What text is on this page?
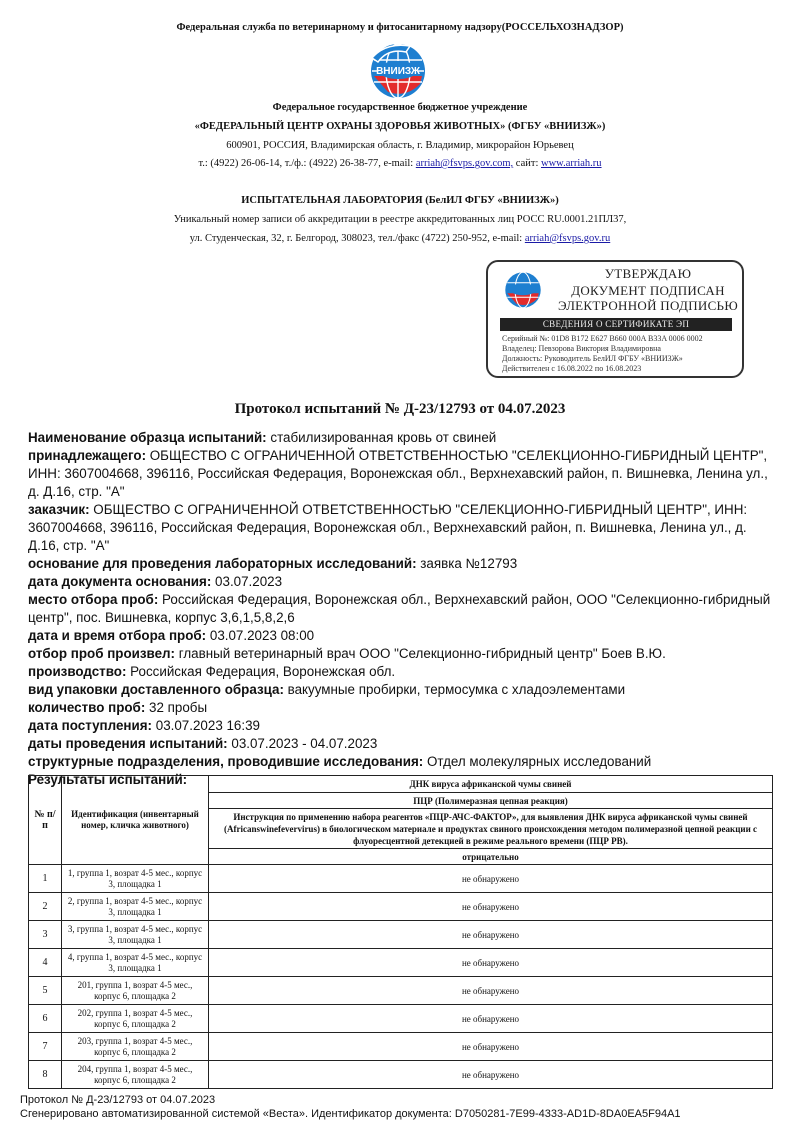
Федеральная служба по ветеринарному и фитосанитарному надзору(РОССЕЛЬХОЗНАДЗОР)
ВНИИЗЖ
Федеральное государственное бюджетное учреждение
«ФЕДЕРАЛЬНЫЙ ЦЕНТР ОХРАНЫ ЗДОРОВЬЯ ЖИВОТНЫХ» (ФГБУ «ВНИИЗЖ»)
600901, РОССИЯ, Владимирская область, г. Владимир, микрорайон Юрьевец
т.: (4922) 26-06-14, т./ф.: (4922) 26-38-77, e-mail: arriah@fsvps.gov.com, сайт: www.arriah.ru
ИСПЫТАТЕЛЬНАЯ ЛАБОРАТОРИЯ (БелИЛ ФГБУ «ВНИИЗЖ»)
Уникальный номер записи об аккредитации в реестре аккредитованных лиц РОСС RU.0001.21ПЛ37,
ул. Студенческая, 32, г. Белгород, 308023, тел./факс (4722) 250-952, e-mail: arriah@fsvps.gov.ru
УТВЕРЖДАЮ
ДОКУМЕНТ ПОДПИСАН
ЭЛЕКТРОННОЙ ПОДПИСЬЮ
СВЕДЕНИЯ О СЕРТИФИКАТЕ ЭП
Серийный №: 01D8 B172 E627 B660 000A B33A 0006 0002
Владелец: Певзорова Виктория Владимировна
Должность: Руководитель БелИЛ ФГБУ «ВНИИЗЖ»
Действителен с 16.08.2022 по 16.08.2023
Протокол испытаний № Д-23/12793 от 04.07.2023

Наименование образца испытаний: стабилизированная кровь от свиней

принадлежащего: ОБЩЕСТВО С ОГРАНИЧЕННОЙ ОТВЕТСТВЕННОСТЬЮ "СЕЛЕКЦИОННО-ГИБРИДНЫЙ ЦЕНТР", ИНН: 3607004668, 396116, Российская Федерация, Воронежская обл., Верхнехавский район, п. Вишневка, Ленина ул., д. Д.16, стр. "А"

заказчик: ОБЩЕСТВО С ОГРАНИЧЕННОЙ ОТВЕТСТВЕННОСТЬЮ "СЕЛЕКЦИОННО-ГИБРИДНЫЙ ЦЕНТР", ИНН: 3607004668, 396116, Российская Федерация, Воронежская обл., Верхнехавский район, п. Вишневка, Ленина ул., д. Д.16, стр. "А"

основание для проведения лабораторных исследований: заявка №12793

дата документа основания: 03.07.2023

место отбора проб: Российская Федерация, Воронежская обл., Верхнехавский район, ООО "Селекционно-гибридный центр", пос. Вишневка, корпус 3,6,1,5,8,2,6

дата и время отбора проб: 03.07.2023 08:00

отбор проб произвел: главный ветеринарный врач ООО "Селекционно-гибридный центр" Боев В.Ю.

производство: Российская Федерация, Воронежская обл.

вид упаковки доставленного образца: вакуумные пробирки, термосумка с хладоэлементами

количество проб: 32 пробы

дата поступления: 03.07.2023 16:39

даты проведения испытаний: 03.07.2023 - 04.07.2023

структурные подразделения, проводившие исследования: Отдел молекулярных исследований

Результаты испытаний:

№ п/п	Идентификация (инвентарный номер, кличка животного)	ДНК вируса африканской чумы свиней
		ПЦР (Полимеразная цепная реакция)
		Инструкция по применению набора реагентов «ПЦР-АЧС-ФАКТОР», для выявления ДНК вируса африканской чумы свиней (Africanswinefevervirus) в биологическом материале и продуктах свиного происхождения методом полимеразной цепной реакции с флуоресцентной детекцией в режиме реального времени (ПЦР РВ).
		отрицательно
1	1, группа 1, возрат 4-5 мес., корпус 3, площадка 1	не обнаружено
2	2, группа 1, возрат 4-5 мес., корпус 3, площадка 1	не обнаружено
3	3, группа 1, возрат 4-5 мес., корпус 3, площадка 1	не обнаружено
4	4, группа 1, возрат 4-5 мес., корпус 3, площадка 1	не обнаружено
5	201, группа 1, возрат 4-5 мес., корпус 6, площадка 2	не обнаружено
6	202, группа 1, возрат 4-5 мес., корпус 6, площадка 2	не обнаружено
7	203, группа 1, возрат 4-5 мес., корпус 6, площадка 2	не обнаружено
8	204, группа 1, возрат 4-5 мес., корпус 6, площадка 2	не обнаружено
Протокол № Д-23/12793 от 04.07.2023
Сгенерировано автоматизированной системой «Веста». Идентификатор документа: D7050281-7E99-4333-AD1D-8DA0EA5F94A1
